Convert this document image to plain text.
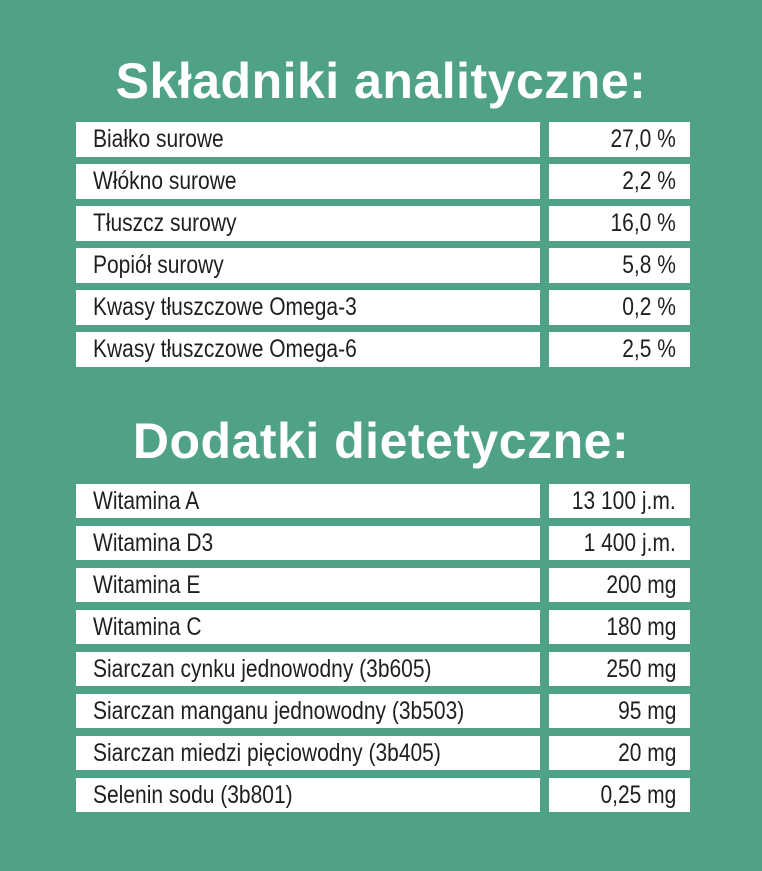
Składniki analityczne:
Białko surowe	27,0 %
Włókno surowe	2,2 %
Tłuszcz surowy	16,0 %
Popiół surowy	5,8 %
Kwasy tłuszczowe Omega-3	0,2 %
Kwasy tłuszczowe Omega-6	2,5 %
Dodatki dietetyczne:
Witamina A	13 100 j.m.
Witamina D3	1 400 j.m.
Witamina E	200 mg
Witamina C	180 mg
Siarczan cynku jednowodny (3b605)	250 mg
Siarczan manganu jednowodny (3b503)	95 mg
Siarczan miedzi pięciowodny (3b405)	20 mg
Selenin sodu (3b801)	0,25 mg
